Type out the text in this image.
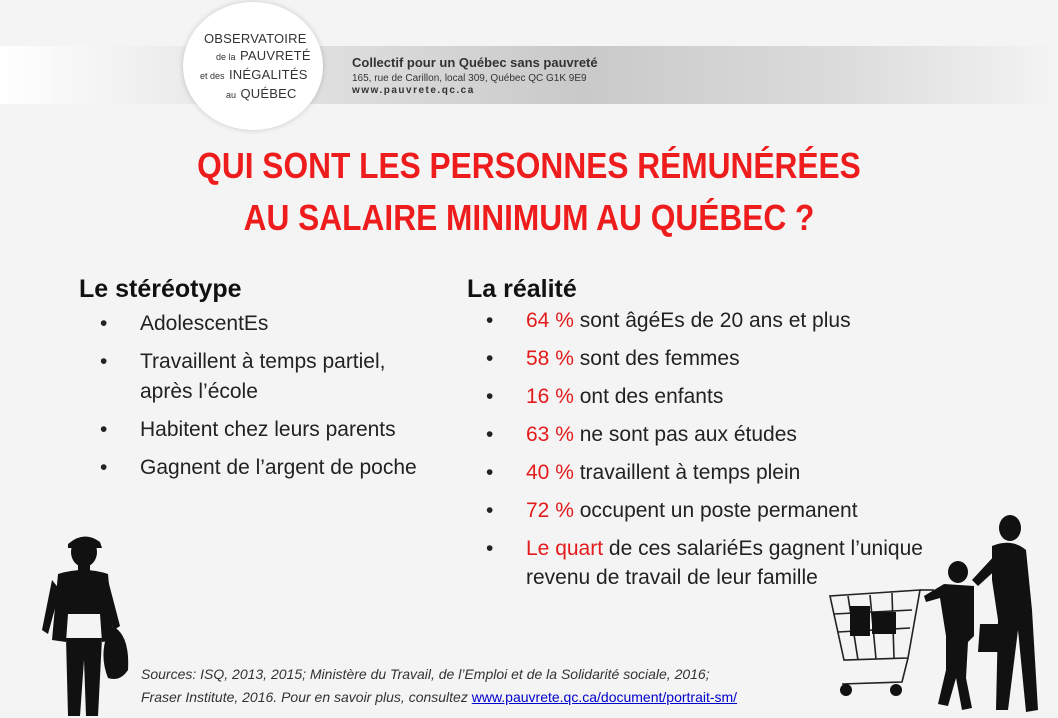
OBSERVATOIRE
de la PAUVRETÉ
et des INÉGALITÉS
au QUÉBEC
Collectif pour un Québec sans pauvreté
165, rue de Carillon, local 309, Québec QC G1K 9E9
www.pauvrete.qc.ca
QUI SONT LES PERSONNES RÉMUNÉRÉES
AU SALAIRE MINIMUM AU QUÉBEC ?
Le stéréotype	La réalité
• AdolescentEs
• Travaillent à temps partiel,
après l’école
• Habitent chez leurs parents
• Gagnent de l’argent de poche
• 64 % sont âgéEs de 20 ans et plus
• 58 % sont des femmes
• 16 % ont des enfants
• 63 % ne sont pas aux études
• 40 % travaillent à temps plein
• 72 % occupent un poste permanent
• Le quart de ces salariéEs gagnent l’unique
revenu de travail de leur famille
Sources: ISQ, 2013, 2015; Ministère du Travail, de l’Emploi et de la Solidarité sociale, 2016;
Fraser Institute, 2016. Pour en savoir plus, consultez www.pauvrete.qc.ca/document/portrait-sm/
